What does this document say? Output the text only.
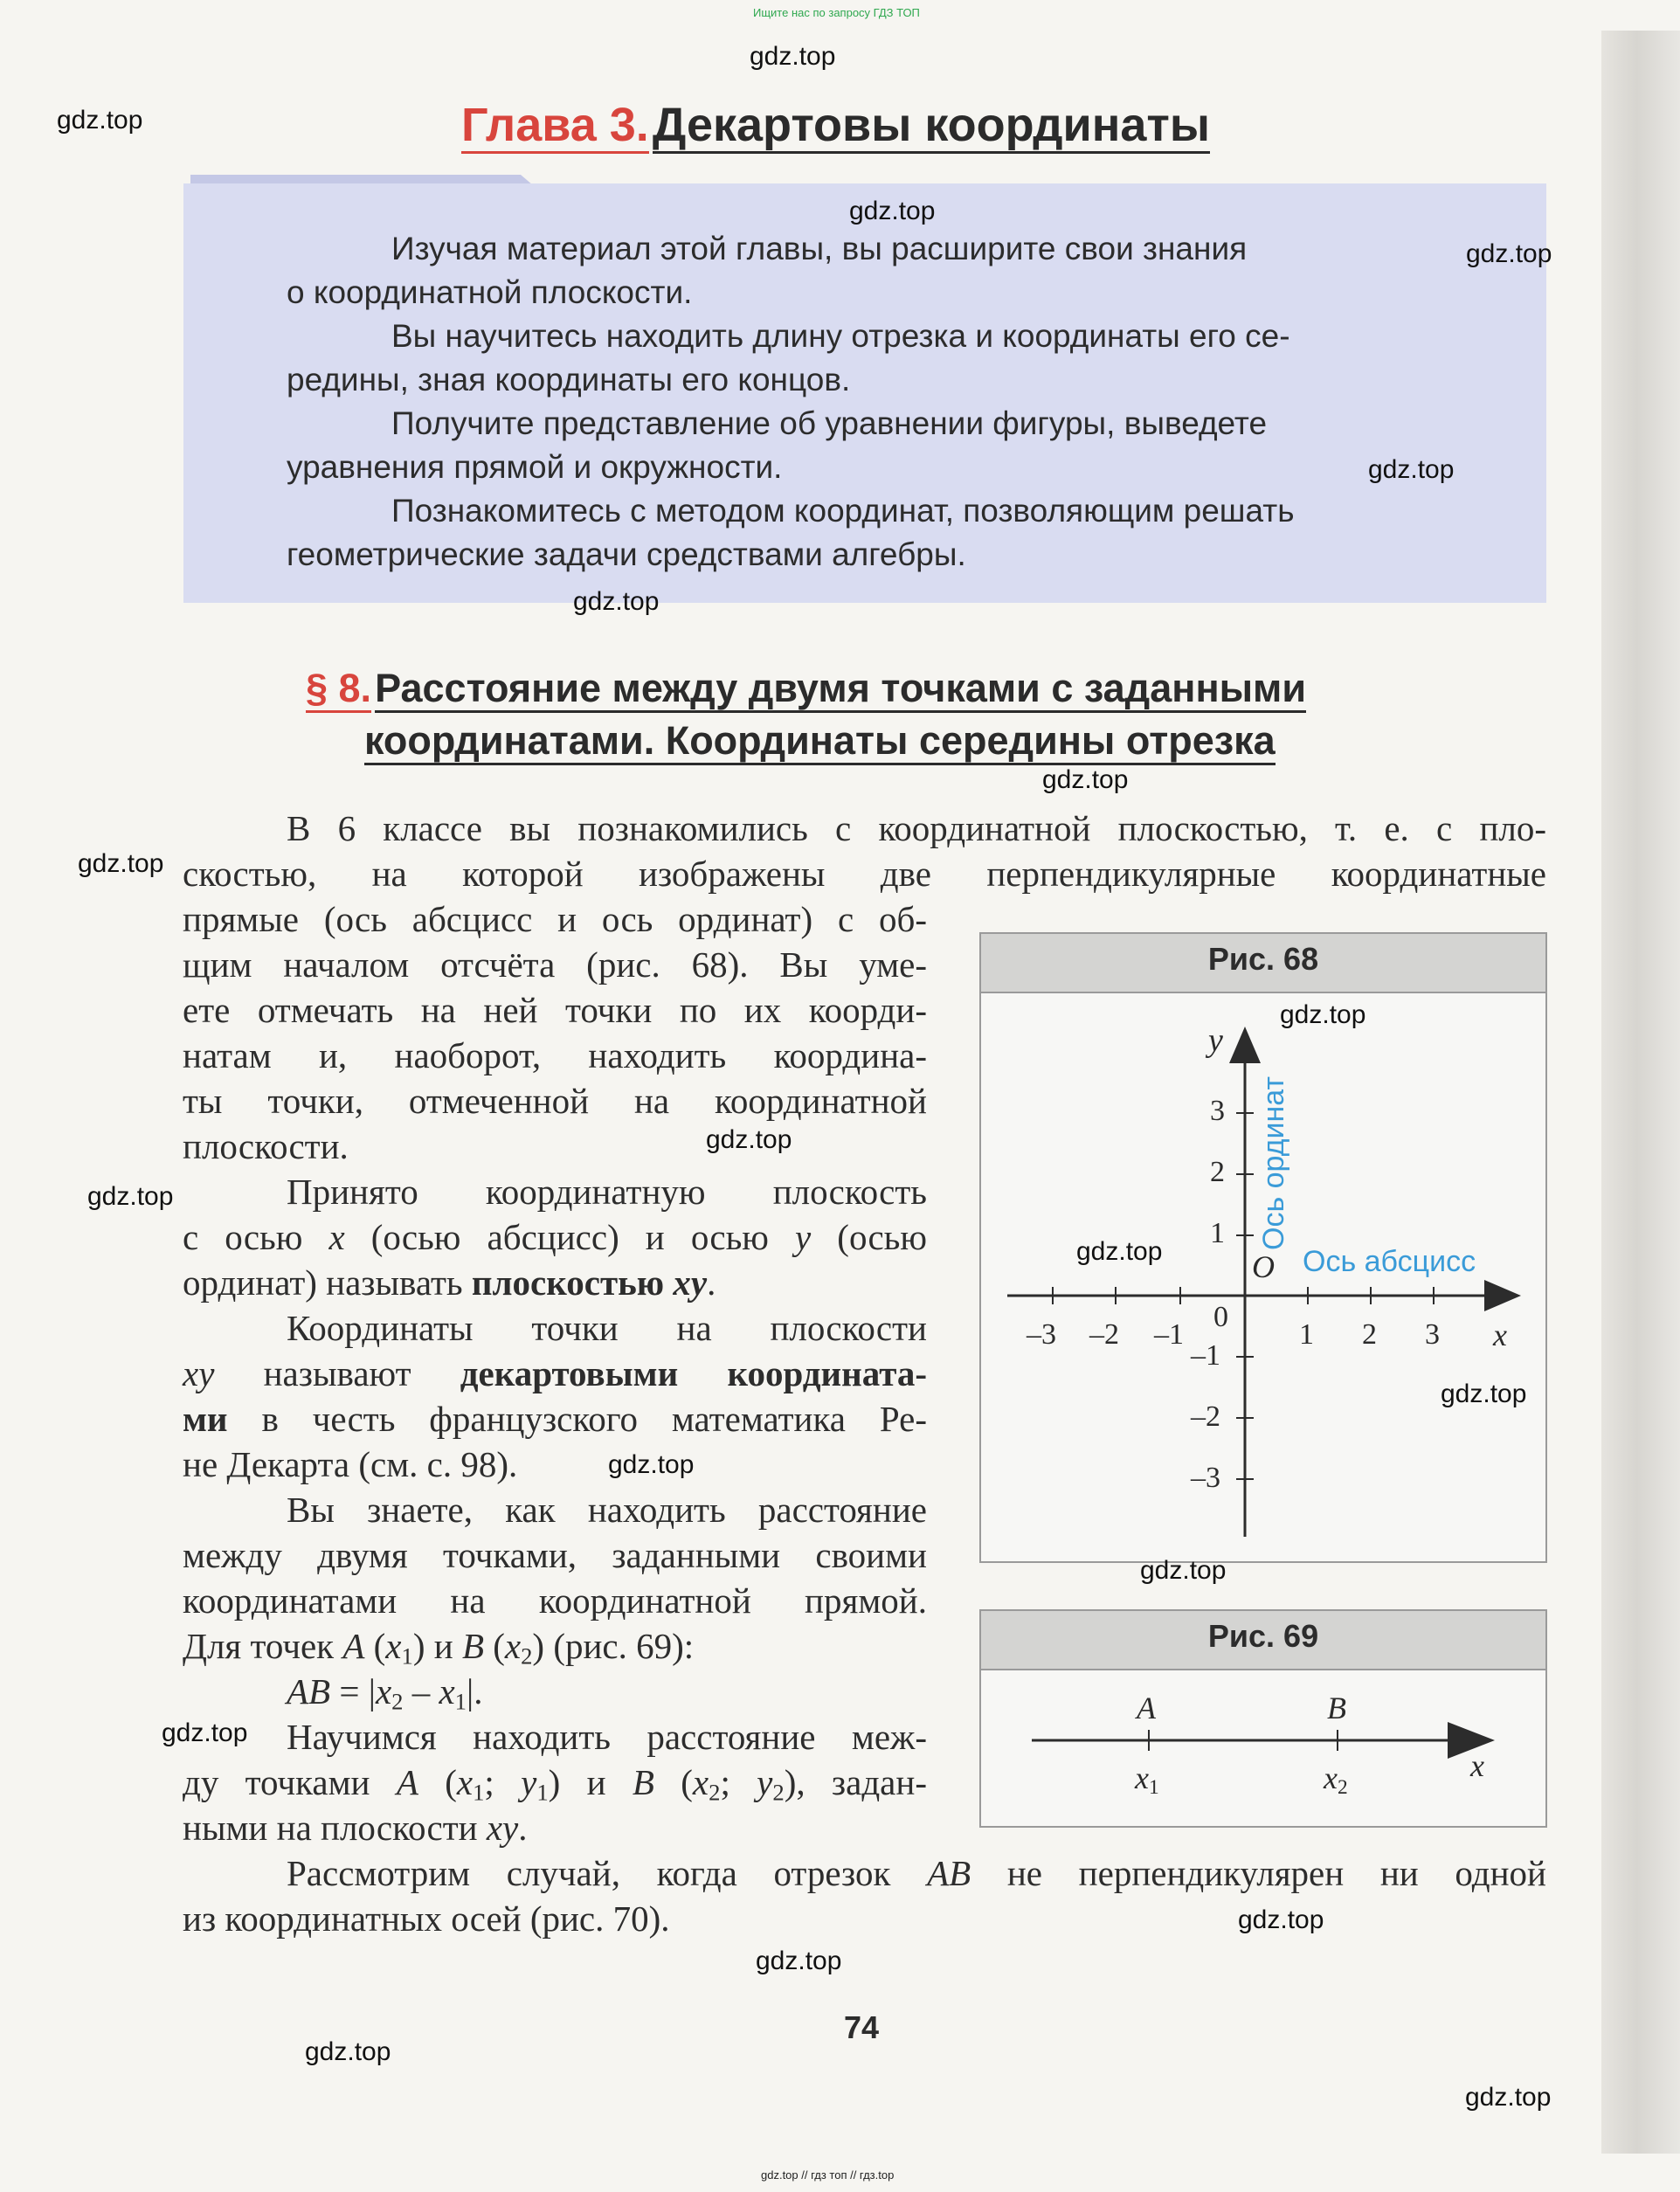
Ищите нас по запросу ГДЗ ТОП
Глава 3. Декартовы координаты

Изучая материал этой главы, вы расширите свои знания

о координатной плоскости.

Вы научитесь находить длину отрезка и координаты его се-

редины, зная координаты его концов.

Получите представление об уравнении фигуры, выведете

уравнения прямой и окружности.

Познакомитесь с методом координат, позволяющим решать

геометрические задачи средствами алгебры.

§ 8. Расстояние между двумя точками с заданными
координатами. Координаты середины отрезка
В 6 классе вы познакомились с координатной плоскостью, т. е. с пло-
скостью, на которой изображены две перпендикулярные координатные
прямые (ось абсцисс и ось ординат) с об-
щим началом отсчёта (рис. 68). Вы уме-
ете отмечать на ней точки по их коорди-
натам и, наоборот, находить координа-
ты точки, отмеченной на координатной
плоскости.
Принято координатную плоскость
с осью x (осью абсцисс) и осью y (осью
ординат) называть плоскостью xy.
Координаты точки на плоскости
xy называют декартовыми координата-
ми в честь французского математика Ре-
не Декарта (см. с. 98).
Вы знаете, как находить расстояние
между двумя точками, заданными своими
координатами на координатной прямой.
Для точек A $(x_1)$ и B $(x_2)$ (рис. 69):
AB = $|x_2 - x_1|$.
Научимся находить расстояние меж-
ду точками A ($x_1$; $y_1$) и B ($x_2$; $y_2$), задан-
ными на плоскости xy.
Рассмотрим случай, когда отрезок AB не перпендикулярен ни одной
из координатных осей (рис. 70).
Рис. 68
–3 –2 –1	1 2 3 x
3
2
1
–1
–2
–3
y
O
0
Ось абсцисс
Ось ординат
Рис. 69
A	B
$x_1$	$x_2$
x
74
gdz.top
gdz.top
gdz.top
gdz.top
gdz.top
gdz.top
gdz.top
gdz.top
gdz.top
gdz.top
gdz.top
gdz.top
gdz.top
gdz.top
gdz.top
gdz.top
gdz.top
gdz.top
gdz.top
gdz.top
gdz.top // гдз топ // гдз.top
